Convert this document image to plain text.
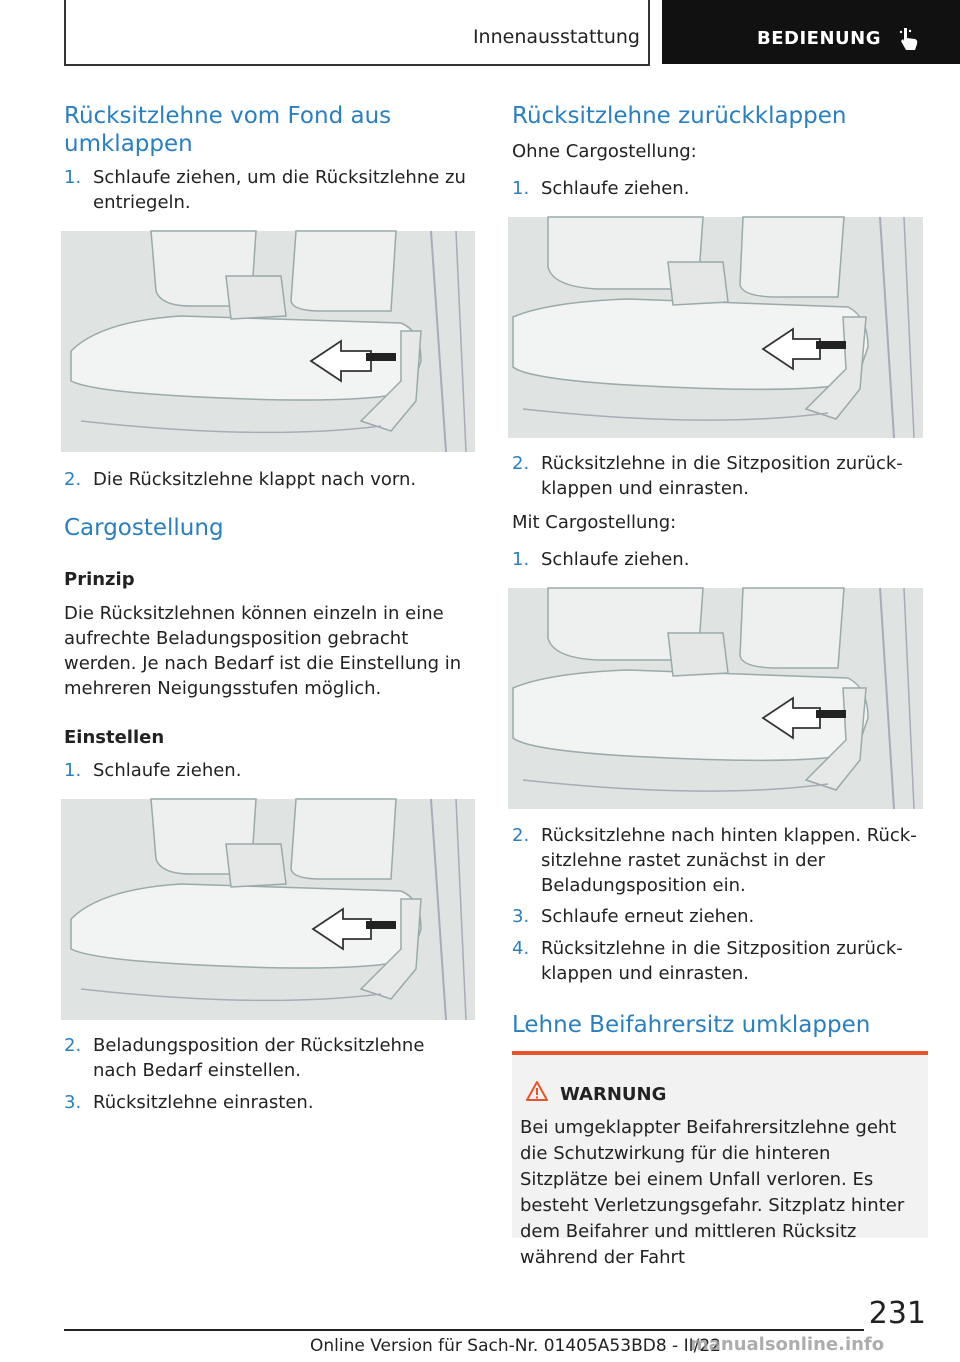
Innenausstattung	BEDIENUNG
Rücksitzlehne vom Fond aus umklappen
1. Schlaufe ziehen, um die Rücksitzlehne zu entriegeln.
2. Die Rücksitzlehne klappt nach vorn.
Cargostellung
Prinzip
Die Rücksitzlehnen können einzeln in eine aufrechte Beladungsposition gebracht werden. Je nach Bedarf ist die Einstellung in mehreren Neigungsstufen möglich.
Einstellen
1. Schlaufe ziehen.
2. Beladungsposition der Rücksitzlehne nach Bedarf einstellen.
3. Rücksitzlehne einrasten.
Rücksitzlehne zurückklappen
Ohne Cargostellung:
1. Schlaufe ziehen.
2. Rücksitzlehne in die Sitzposition zurückklappen und einrasten.
Mit Cargostellung:
1. Schlaufe ziehen.
2. Rücksitzlehne nach hinten klappen. Rücksitzlehne rastet zunächst in der Beladungsposition ein.
3. Schlaufe erneut ziehen.
4. Rücksitzlehne in die Sitzposition zurückklappen und einrasten.
Lehne Beifahrersitz umklappen
WARNUNG
Bei umgeklappter Beifahrersitzlehne geht die Schutzwirkung für die hinteren Sitzplätze bei einem Unfall verloren. Es besteht Verletzungsgefahr. Sitzplatz hinter dem Beifahrer und mittleren Rücksitz während der Fahrt
231
Online Version für Sach-Nr. 01405A53BD8 - II/22
manualsonline.info
